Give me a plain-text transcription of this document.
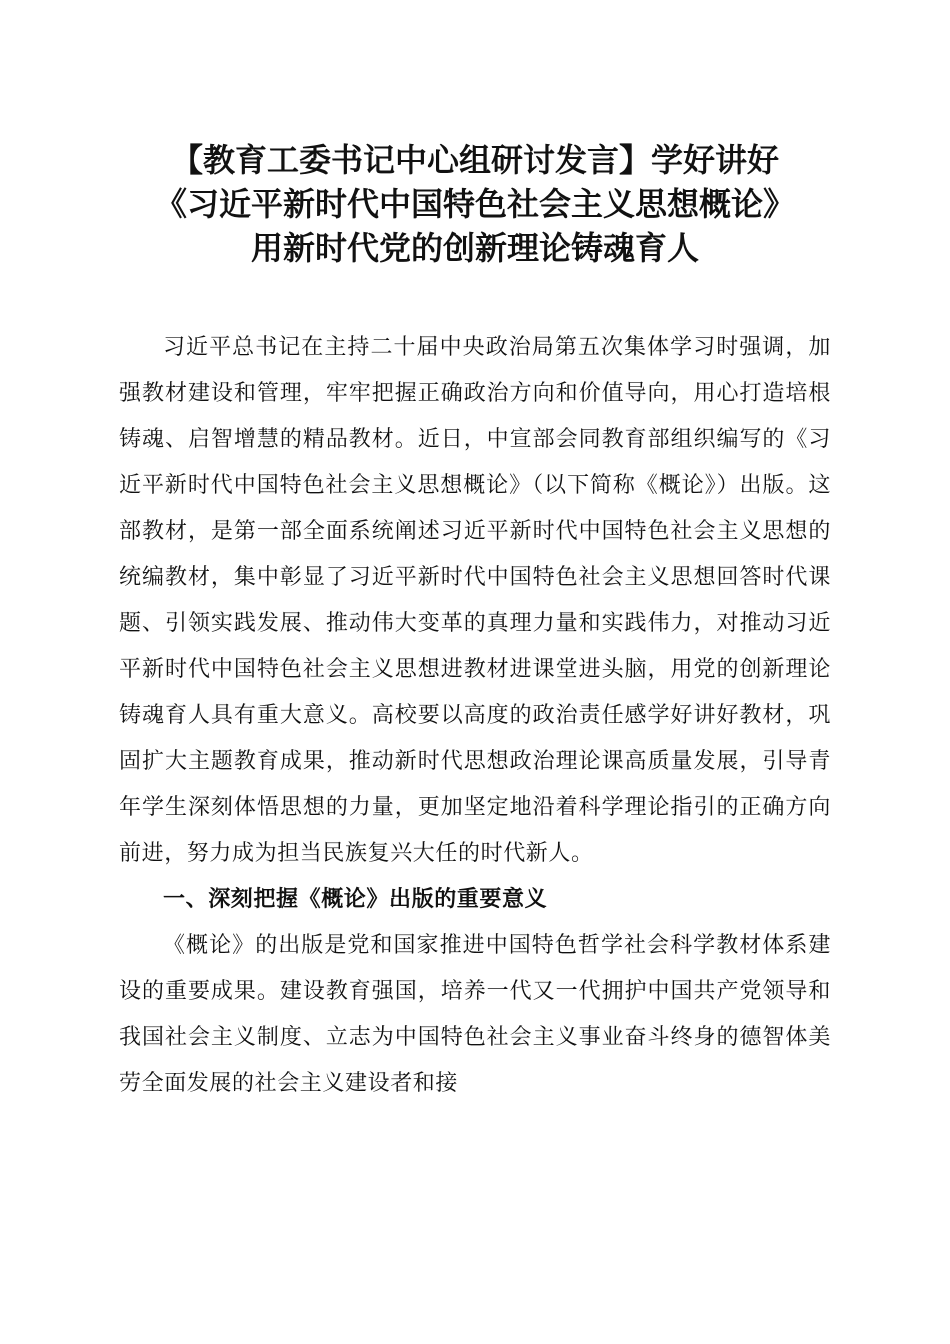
【教育工委书记中心组研讨发言】学好讲好
《习近平新时代中国特色社会主义思想概论》
用新时代党的创新理论铸魂育人

习近平总书记在主持二十届中央政治局第五次集体学习时强调，加强教材建设和管理，牢牢把握正确政治方向和价值导向，用心打造培根铸魂、启智增慧的精品教材。近日，中宣部会同教育部组织编写的《习近平新时代中国特色社会主义思想概论》（以下简称《概论》）出版。这部教材，是第一部全面系统阐述习近平新时代中国特色社会主义思想的统编教材，集中彰显了习近平新时代中国特色社会主义思想回答时代课题、引领实践发展、推动伟大变革的真理力量和实践伟力，对推动习近平新时代中国特色社会主义思想进教材进课堂进头脑，用党的创新理论铸魂育人具有重大意义。高校要以高度的政治责任感学好讲好教材，巩固扩大主题教育成果，推动新时代思想政治理论课高质量发展，引导青年学生深刻体悟思想的力量，更加坚定地沿着科学理论指引的正确方向前进，努力成为担当民族复兴大任的时代新人。

一、深刻把握《概论》出版的重要意义

《概论》的出版是党和国家推进中国特色哲学社会科学教材体系建设的重要成果。建设教育强国，培养一代又一代拥护中国共产党领导和我国社会主义制度、立志为中国特色社会主义事业奋斗终身的德智体美劳全面发展的社会主义建设者和接
